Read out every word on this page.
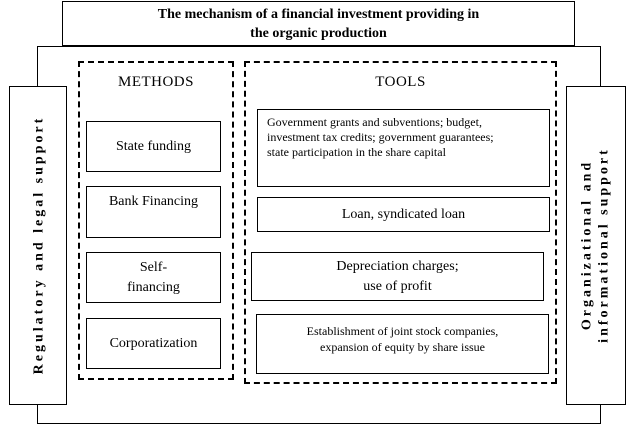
The mechanism of a financial investment providing in
the organic production
Regulatory and legal support	Organizational and informational support
METHODS
State funding
Bank Financing
Self-
financing
Corporatization
TOOLS
Government grants and subventions; budget,
investment tax credits; government guarantees;
state participation in the share capital
Loan, syndicated loan
Depreciation charges;
use of profit
Establishment of joint stock companies,
expansion of equity by share issue
